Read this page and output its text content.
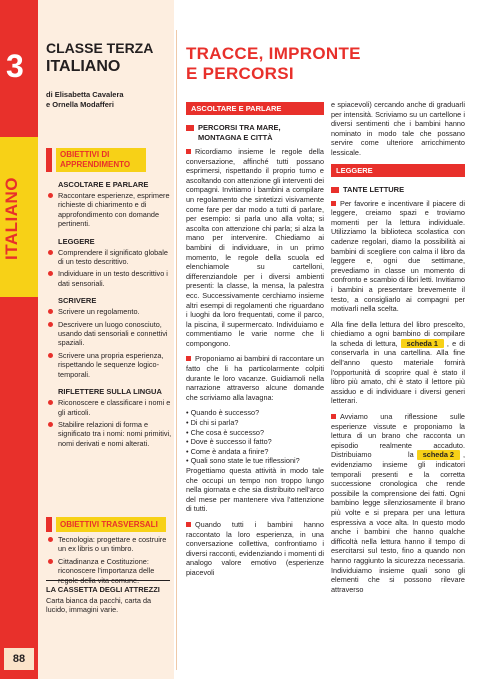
3
ITALIANO
88
CLASSE TERZA
ITALIANO
di Elisabetta Cavalera
e Ornella Modafferi
OBIETTIVI DI APPRENDIMENTO
ASCOLTARE E PARLARE
Raccontare esperienze, esprimere richieste di chiarimento e di approfondimento con domande pertinenti.
LEGGERE
Comprendere il significato globale di un testo descrittivo.
Individuare in un testo descrittivo i dati sensoriali.
SCRIVERE
Scrivere un regolamento.
Descrivere un luogo conosciuto, usando dati sensoriali e connettivi spaziali.
Scrivere una propria esperienza, rispettando le sequenze logico-temporali.
RIFLETTERE SULLA LINGUA
Riconoscere e classificare i nomi e gli articoli.
Stabilire relazioni di forma e significato tra i nomi: nomi primitivi, nomi derivati e nomi alterati.
OBIETTIVI TRASVERSALI
Tecnologia: progettare e costruire un ex libris o un timbro.
Cittadinanza e Costituzione: riconoscere l'importanza delle regole della vita comune.
LA CASSETTA DEGLI ATTREZZI
Carta bianca da pacchi, carta da lucido, immagini varie.
TRACCE, IMPRONTE
E PERCORSI
ASCOLTARE E PARLARE
PERCORSI TRA MARE, MONTAGNA E CITTÀ

Ricordiamo insieme le regole della conversazione, affinché tutti possano esprimersi, rispettando il proprio turno e ascoltando con attenzione gli interventi dei compagni. Invitiamo i bambini a compilare un regolamento che sintetizzi visivamente come fare per dar modo a tutti di parlare, per esempio: si parla uno alla volta; si ascolta con attenzione chi parla; si alza la mano per intervenire. Chiediamo ai bambini di individuare, in un primo momento, le regole della scuola ed elenchiamole su cartelloni, differenziandole per i diversi ambienti presenti: la classe, la mensa, la palestra ecc. Successivamente cerchiamo insieme altri esempi di regolamenti che riguardano i luoghi da loro frequentati, come il parco, la piscina, il supermercato. Individuiamo e commentiamo le varie norme che li compongono.

Proponiamo ai bambini di raccontare un fatto che li ha particolarmente colpiti durante le loro vacanze. Guidiamoli nella narrazione attraverso alcune domande che scriviamo alla lavagna:

• Quando è successo?
• Di chi si parla?
• Che cosa è successo?
• Dove è successo il fatto?
• Come è andata a finire?
• Quali sono state le tue riflessioni?

Progettiamo questa attività in modo tale che occupi un tempo non troppo lungo nella giornata e che sia distribuito nell'arco del mese per mantenere viva l'attenzione di tutti.

Quando tutti i bambini hanno raccontato la loro esperienza, in una conversazione collettiva, confrontiamo i diversi racconti, evidenziando i momenti di analogo valore emotivo (esperienze piacevoli

e spiacevoli) cercando anche di graduarli per intensità. Scriviamo su un cartellone i diversi sentimenti che i bambini hanno nominato in modo tale che possano servire come ulteriore arricchimento lessicale.

LEGGERE
TANTE LETTURE

Per favorire e incentivare il piacere di leggere, creiamo spazi e troviamo momenti per la lettura individuale. Utilizziamo la biblioteca scolastica con cadenze regolari, diamo la possibilità ai bambini di scegliere con calma il libro da leggere e, ogni due settimane, prevediamo in classe un momento di confronto e scambio di libri letti. Invitiamo i bambini a presentare brevemente il testo, a consigliarlo ai compagni per motivarli nella scelta.

Alla fine della lettura del libro prescelto, chiediamo a ogni bambino di compilare la scheda di lettura, scheda 1 , e di conservarla in una cartellina. Alla fine dell'anno questo materiale fornirà l'opportunità di scoprire qual è stato il libro più amato, chi è stato il lettore più assiduo e di individuare i diversi generi letterari.

Avviamo una riflessione sulle esperienze vissute e proponiamo la lettura di un brano che racconta un episodio realmente accaduto. Distribuiamo la scheda 2 , evidenziamo insieme gli indicatori temporali presenti e la corretta successione cronologica che rende possibile la comprensione dei fatti. Ogni bambino legge silenziosamente il brano più volte e si prepara per una lettura espressiva a voce alta. In questo modo anche i bambini che hanno qualche difficoltà nella lettura hanno il tempo di esercitarsi sul testo, fino a quando non hanno raggiunto la sicurezza necessaria. Individuiamo insieme quali sono gli elementi che si possono rilevare attraverso
